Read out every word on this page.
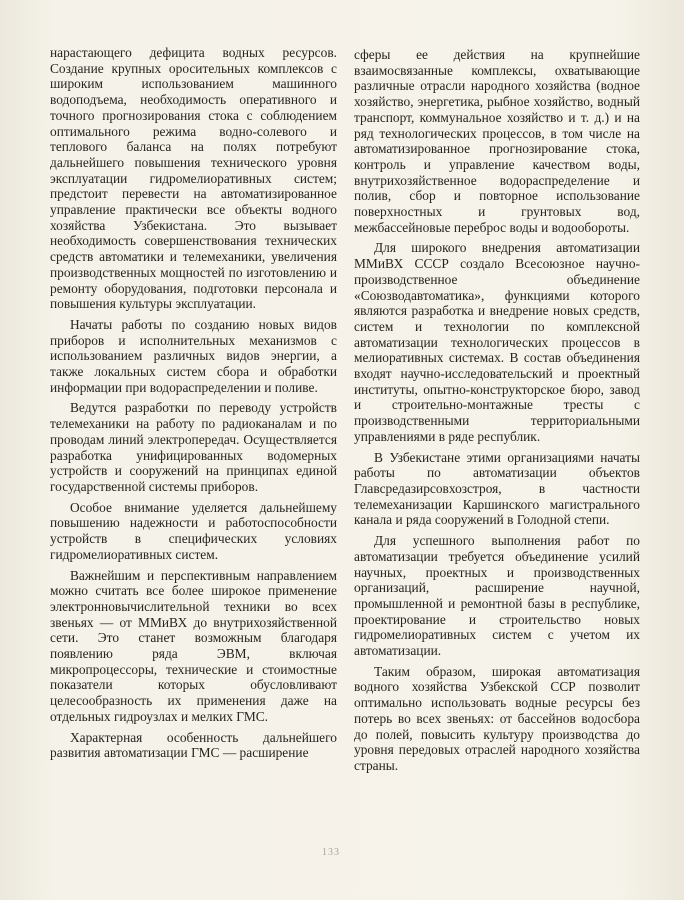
нарастающего дефицита водных ресурсов. Создание крупных оросительных комплексов с широким использованием машинного водоподъема, необходимость оперативного и точного прогнозирования стока с соблюдением оптимального режима водно-солевого и теплового баланса на полях потребуют дальнейшего повышения технического уровня эксплуатации гидромелиоративных систем; предстоит перевести на автоматизированное управление практически все объекты водного хозяйства Узбекистана. Это вызывает необходимость совершенствования технических средств автоматики и телемеханики, увеличения производственных мощностей по изготовлению и ремонту оборудования, подготовки персонала и повышения культуры эксплуатации.

Начаты работы по созданию новых видов приборов и исполнительных механизмов с использованием различных видов энергии, а также локальных систем сбора и обработки информации при водораспределении и поливе.

Ведутся разработки по переводу устройств телемеханики на работу по радиоканалам и по проводам линий электропередач. Осуществляется разработка унифицированных водомерных устройств и сооружений на принципах единой государственной системы приборов.

Особое внимание уделяется дальнейшему повышению надежности и работоспособности устройств в специфических условиях гидромелиоративных систем.

Важнейшим и перспективным направлением можно считать все более широкое применение электронновычислительной техники во всех звеньях — от ММиВХ до внутрихозяйственной сети. Это станет возможным благодаря появлению ряда ЭВМ, включая микропроцессоры, технические и стоимостные показатели которых обусловливают целесообразность их применения даже на отдельных гидроузлах и мелких ГМС.

Характерная особенность дальнейшего развития автоматизации ГМС — расширение

сферы ее действия на крупнейшие взаимосвязанные комплексы, охватывающие различные отрасли народного хозяйства (водное хозяйство, энергетика, рыбное хозяйство, водный транспорт, коммунальное хозяйство и т. д.) и на ряд технологических процессов, в том числе на автоматизированное прогнозирование стока, контроль и управление качеством воды, внутрихозяйственное водораспределение и полив, сбор и повторное использование поверхностных и грунтовых вод, межбассейновые переброс воды и водообороты.

Для широкого внедрения автоматизации ММиВХ СССР создало Всесоюзное научно-производственное объединение «Союзводавтоматика», функциями которого являются разработка и внедрение новых средств, систем и технологии по комплексной автоматизации технологических процессов в мелиоративных системах. В состав объединения входят научно-исследовательский и проектный институты, опытно-конструкторское бюро, завод и строительно-монтажные тресты с производственными территориальными управлениями в ряде республик.

В Узбекистане этими организациями начаты работы по автоматизации объектов Главсредазирсовхозстроя, в частности телемеханизации Каршинского магистрального канала и ряда сооружений в Голодной степи.

Для успешного выполнения работ по автоматизации требуется объединение усилий научных, проектных и производственных организаций, расширение научной, промышленной и ремонтной базы в республике, проектирование и строительство новых гидромелиоративных систем с учетом их автоматизации.

Таким образом, широкая автоматизация водного хозяйства Узбекской ССР позволит оптимально использовать водные ресурсы без потерь во всех звеньях: от бассейнов водосбора до полей, повысить культуру производства до уровня передовых отраслей народного хозяйства страны.

133
